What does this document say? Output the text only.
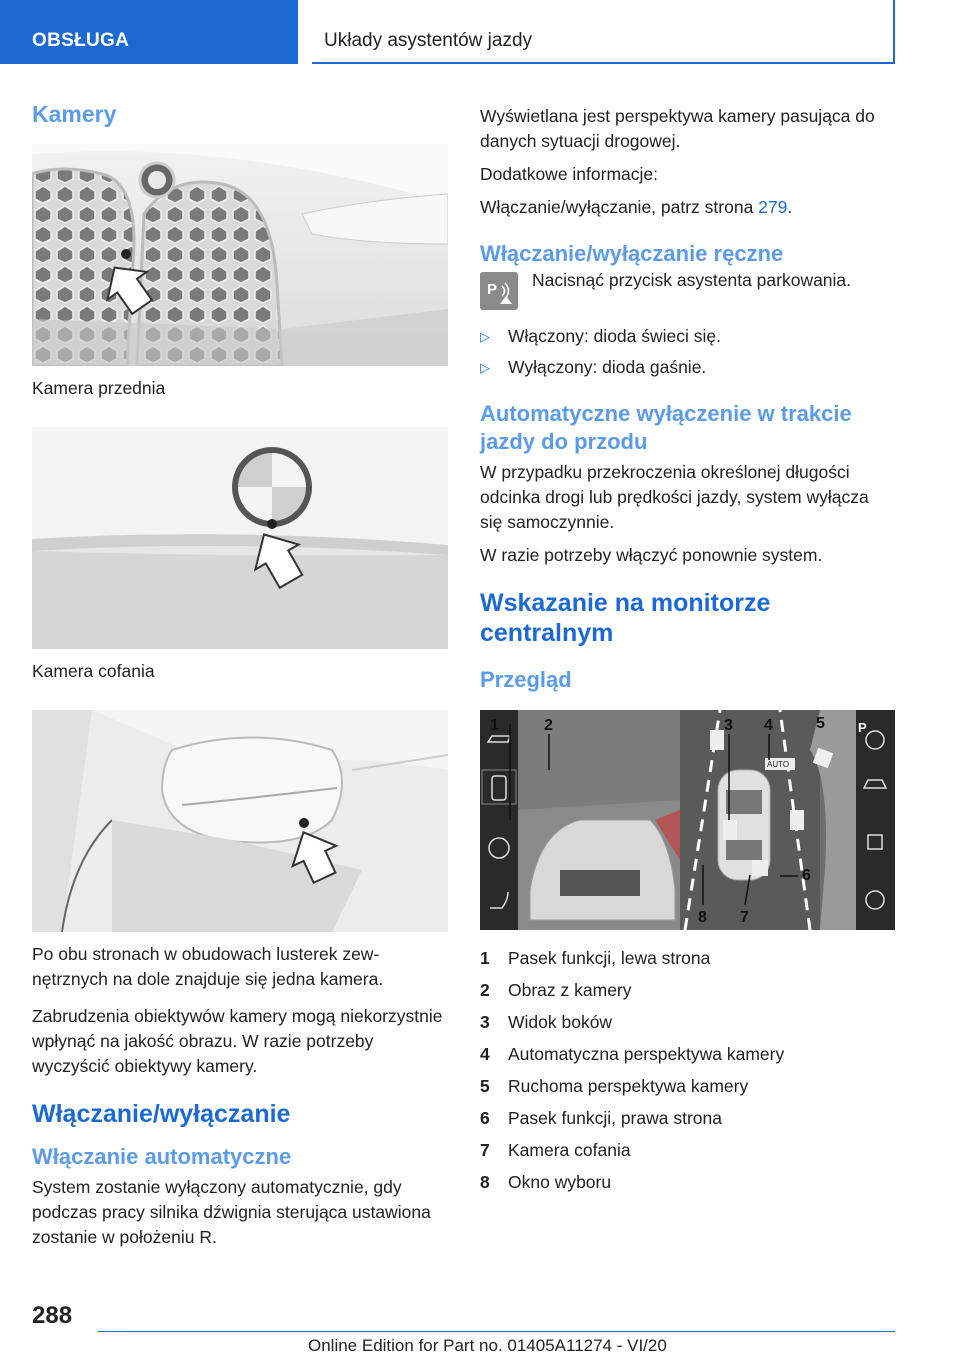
OBSŁUGA	Układy asystentów jazdy
Kamery
Kamera przednia
Kamera cofania

Po obu stronach w obudowach lusterek zewnętrznych na dole znajduje się jedna kamera.

Zabrudzenia obiektywów kamery mogą niekorzystnie wpłynąć na jakość obrazu. W razie potrzeby wyczyścić obiektywy kamery.

Włączanie/wyłączanie
Włączanie automatyczne

System zostanie wyłączony automatycznie, gdy podczas pracy silnika dźwignia sterująca ustawiona zostanie w położeniu R.

Wyświetlana jest perspektywa kamery pasująca do danych sytuacji drogowej.

Dodatkowe informacje:

Włączanie/wyłączanie, patrz strona 279.

Włączanie/wyłączanie ręczne
P Nacisnąć przycisk asystenta parkowania.

▷	Włączony: dioda świeci się.
▷	Wyłączony: dioda gaśnie.
Automatyczne wyłączenie w trakcie jazdy do przodu

W przypadku przekroczenia określonej długości odcinka drogi lub prędkości jazdy, system wyłącza się samoczynnie.

W razie potrzeby włączyć ponownie system.

Wskazanie na monitorze centralnym
Przegląd
AUTO
P
1	2	3 4	5
6
7
8
1	Pasek funkcji, lewa strona
2	Obraz z kamery
3	Widok boków
4	Automatyczna perspektywa kamery
5	Ruchoma perspektywa kamery
6	Pasek funkcji, prawa strona
7	Kamera cofania
8	Okno wyboru
288
Online Edition for Part no. 01405A11274 - VI/20
